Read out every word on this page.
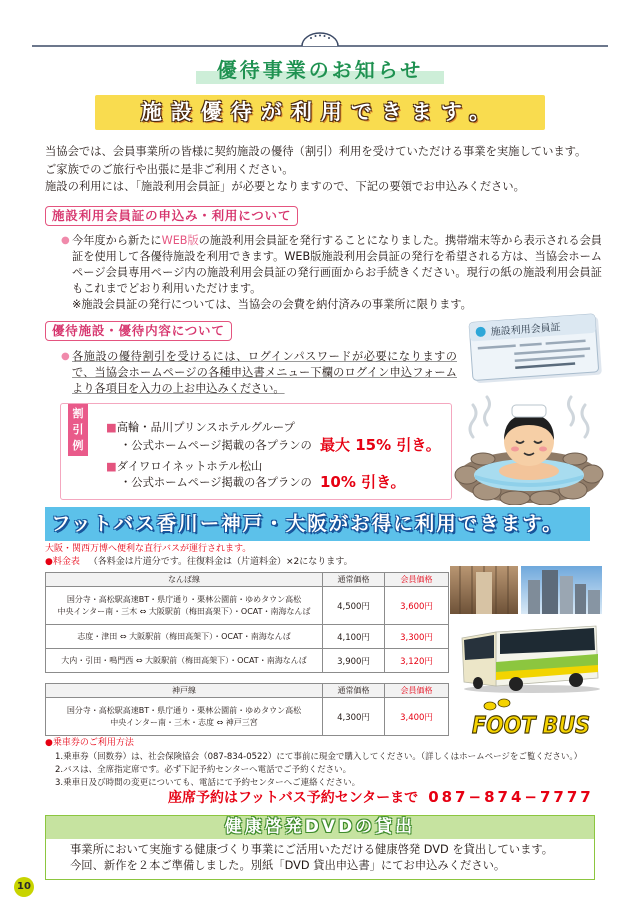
優待事業のお知らせ
施設優待が利用できます。

当協会では、会員事業所の皆様に契約施設の優待（割引）利用を受けていただける事業を実施しています。

ご家族でのご旅行や出張に是非ご利用ください。

施設の利用には、「施設利用会員証」が必要となりますので、下記の要領でお申込みください。

施設利用会員証の申込み・利用について
● 今年度から新たにWEB版の施設利用会員証を発行することになりました。携帯端末等から表示される会員証を使用して各優待施設を利用できます。WEB版施設利用会員証の発行を希望される方は、当協会ホームページ会員専用ページ内の施設利用会員証の発行画面からお手続きください。現行の紙の施設利用会員証もこれまでどおり利用いただけます。

※施設会員証の発行については、当協会の会費を納付済みの事業所に限ります。

優待施設・優待内容について	施設利用会員証
● 各施設の優待割引を受けるには、ログインパスワードが必要になりますので、当協会ホームページの各種申込書メニュー下欄のログイン申込フォームより各項目を入力の上お申込みください。

割
引
例
■高輪・品川プリンスホテルグループ
・公式ホームページ掲載の各プランの 最大 15% 引き。
■ダイワロイネットホテル松山
・公式ホームページ掲載の各プランの 10% 引き。
フットバス香川ー神戸・大阪がお得に利用できます。
大阪・関西万博へ便利な直行バスが運行されます。
●料金表 （各料金は片道分です。往復料金は（片道料金）×2になります。
なんば線	通常価格	会員価格

国分寺・高松駅高速BT・県庁通り・栗林公園前・ゆめタウン高松
中央インター南・三木 ⇔ 大阪駅前（梅田高架下）・OCAT・南海なんば	4,500円	3,600円

志度・津田 ⇔ 大阪駅前（梅田高架下）・OCAT・南海なんば	4,100円	3,300円

大内・引田・鳴門西 ⇔ 大阪駅前（梅田高架下）・OCAT・南海なんば	3,900円	3,120円
神戸線	通常価格	会員価格

国分寺・高松駅高速BT・県庁通り・栗林公園前・ゆめタウン高松
中央インター南・三木・志度 ⇔ 神戸三宮	4,300円	3,400円 FOOT BUS
●乗車券のご利用方法
1.乗車券（回数券）は、社会保険協会（087-834-0522）にて事前に現金で購入してください。（詳しくはホームページをご覧ください。）
2.バスは、全席指定席です。必ず下記予約センターへ電話でご予約ください。
3.乗車日及び時間の変更についても、電話にて予約センターへご連絡ください。
座席予約はフットバス予約センターまで 087−874−7777
健康啓発DVDの貸出

事業所において実施する健康づくり事業にご活用いただける健康啓発 DVD を貸出しています。

今回、新作を２本ご準備しました。別紙「DVD 貸出申込書」にてお申込みください。

10
